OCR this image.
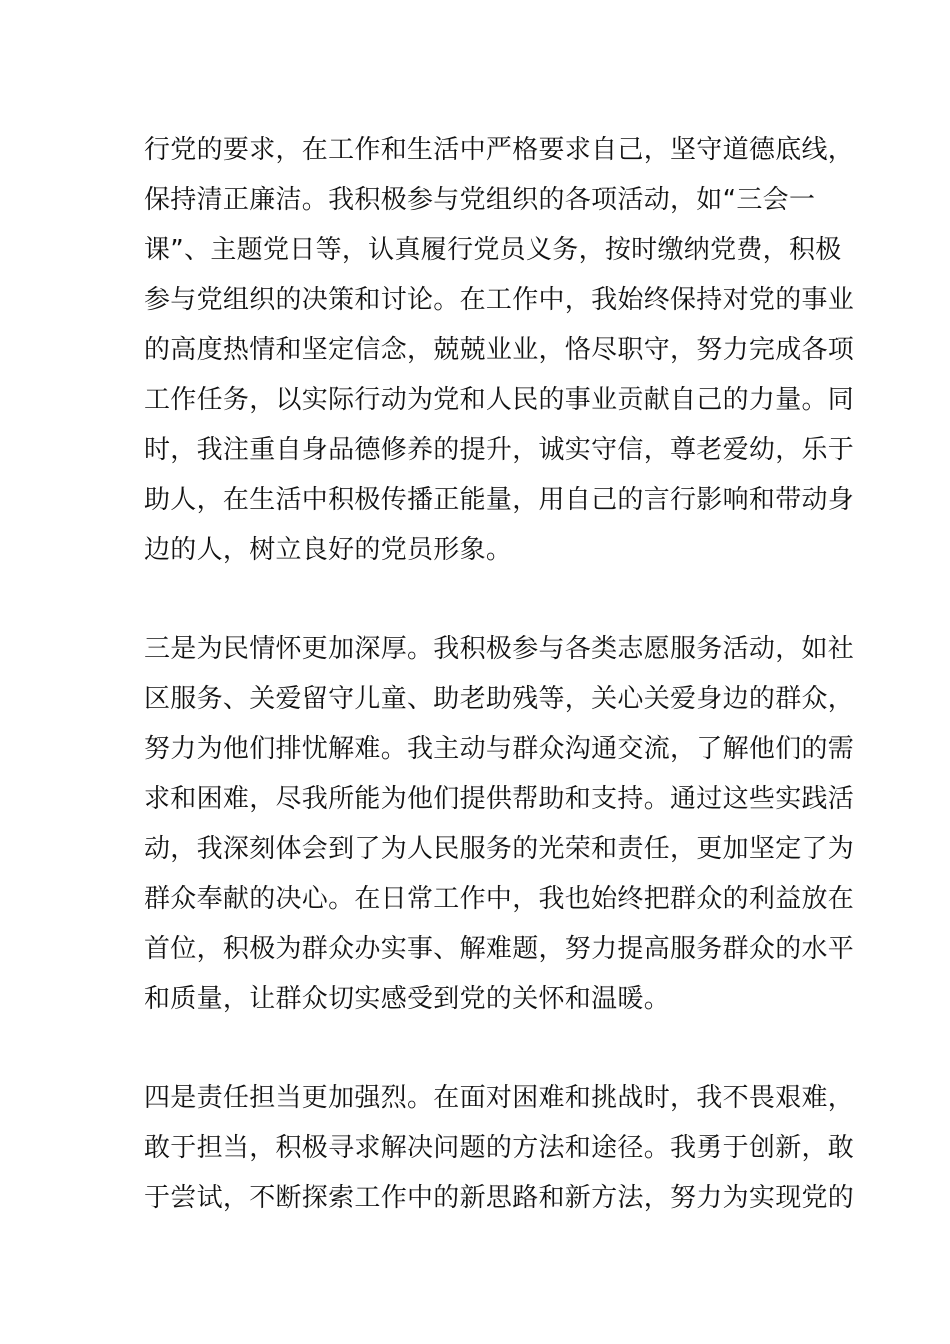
行党的要求，在工作和生活中严格要求自己，坚守道德底线，
保持清正廉洁。我积极参与党组织的各项活动，如“三会一
课”、主题党日等，认真履行党员义务，按时缴纳党费，积极
参与党组织的决策和讨论。在工作中，我始终保持对党的事业
的高度热情和坚定信念，兢兢业业，恪尽职守，努力完成各项
工作任务，以实际行动为党和人民的事业贡献自己的力量。同
时，我注重自身品德修养的提升，诚实守信，尊老爱幼，乐于
助人，在生活中积极传播正能量，用自己的言行影响和带动身
边的人，树立良好的党员形象。
三是为民情怀更加深厚。我积极参与各类志愿服务活动，如社
区服务、关爱留守儿童、助老助残等，关心关爱身边的群众，
努力为他们排忧解难。我主动与群众沟通交流，了解他们的需
求和困难，尽我所能为他们提供帮助和支持。通过这些实践活
动，我深刻体会到了为人民服务的光荣和责任，更加坚定了为
群众奉献的决心。在日常工作中，我也始终把群众的利益放在
首位，积极为群众办实事、解难题，努力提高服务群众的水平
和质量，让群众切实感受到党的关怀和温暖。
四是责任担当更加强烈。在面对困难和挑战时，我不畏艰难，
敢于担当，积极寻求解决问题的方法和途径。我勇于创新，敢
于尝试，不断探索工作中的新思路和新方法，努力为实现党的
